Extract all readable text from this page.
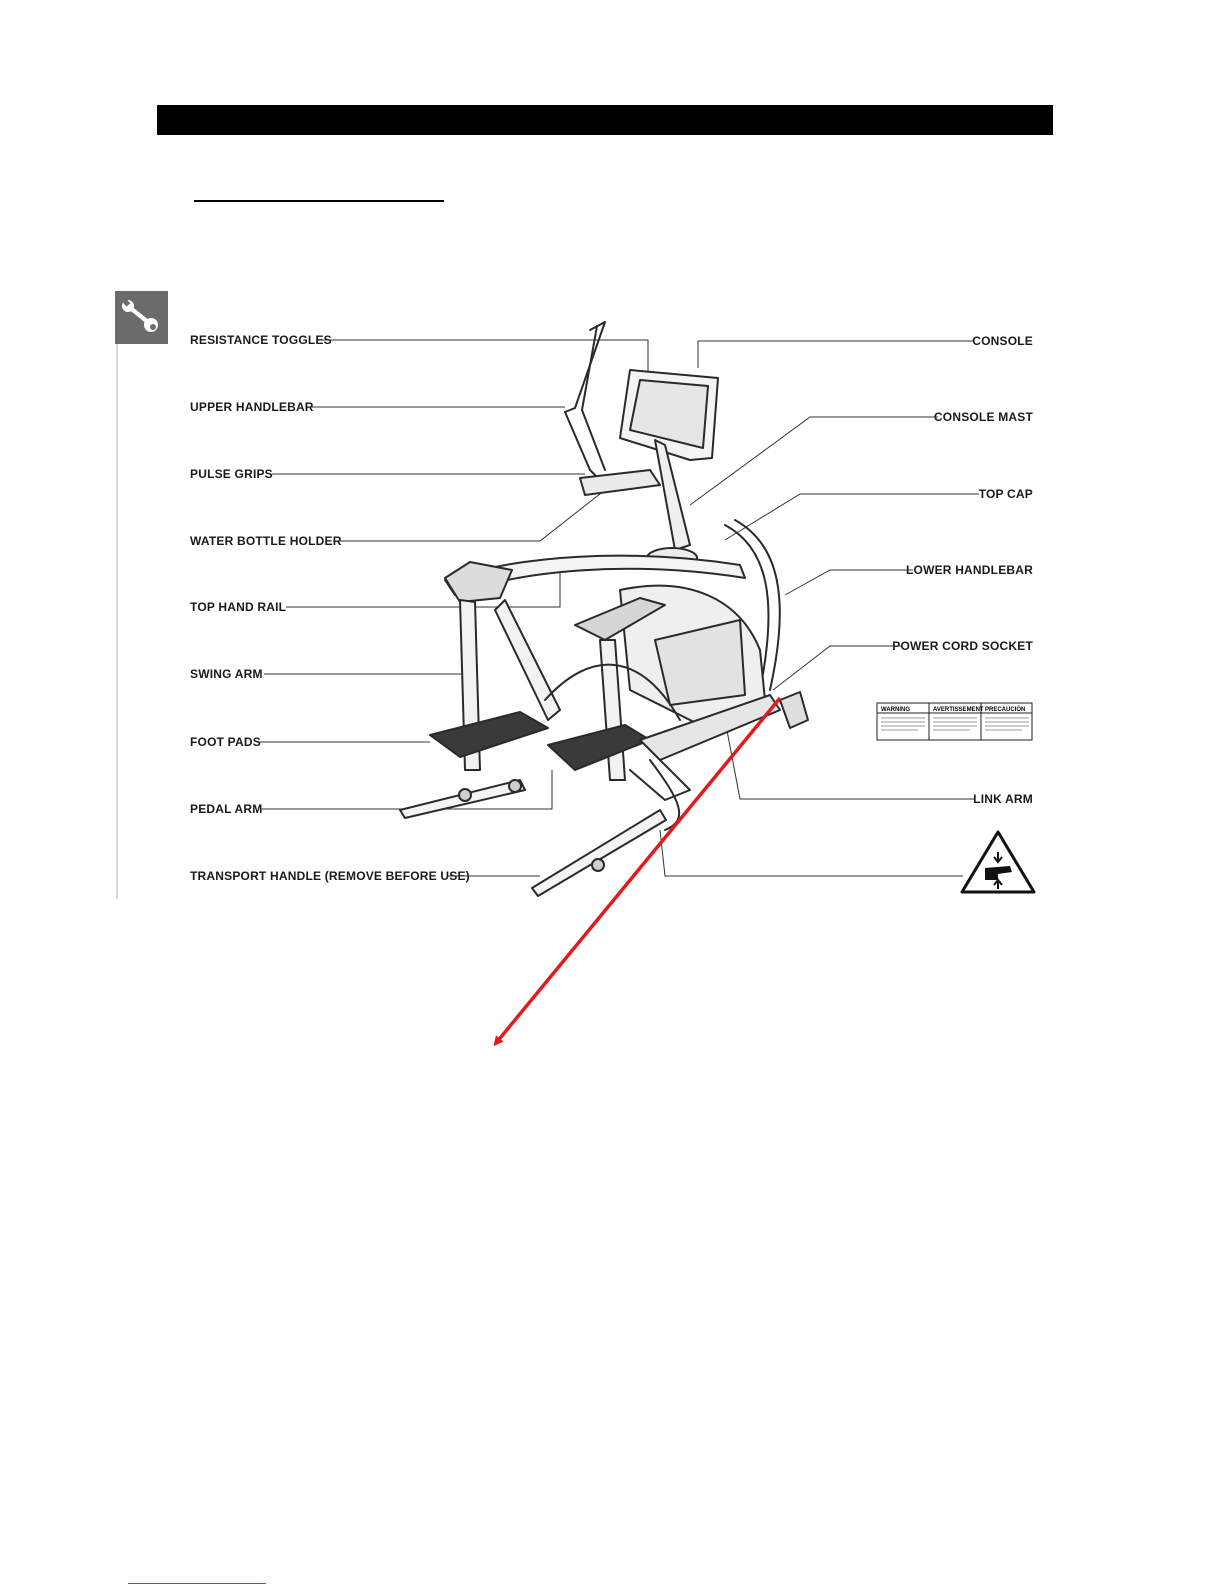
RESISTANCE TOGGLES
UPPER HANDLEBAR
PULSE GRIPS
WATER BOTTLE HOLDER
TOP HAND RAIL
SWING ARM
FOOT PADS
PEDAL ARM
TRANSPORT HANDLE (REMOVE BEFORE USE)
CONSOLE
CONSOLE MAST
TOP CAP
LOWER HANDLEBAR
POWER CORD SOCKET
LINK ARM
WARNING	AVERTISSEMENT PRECAUCIÓN
